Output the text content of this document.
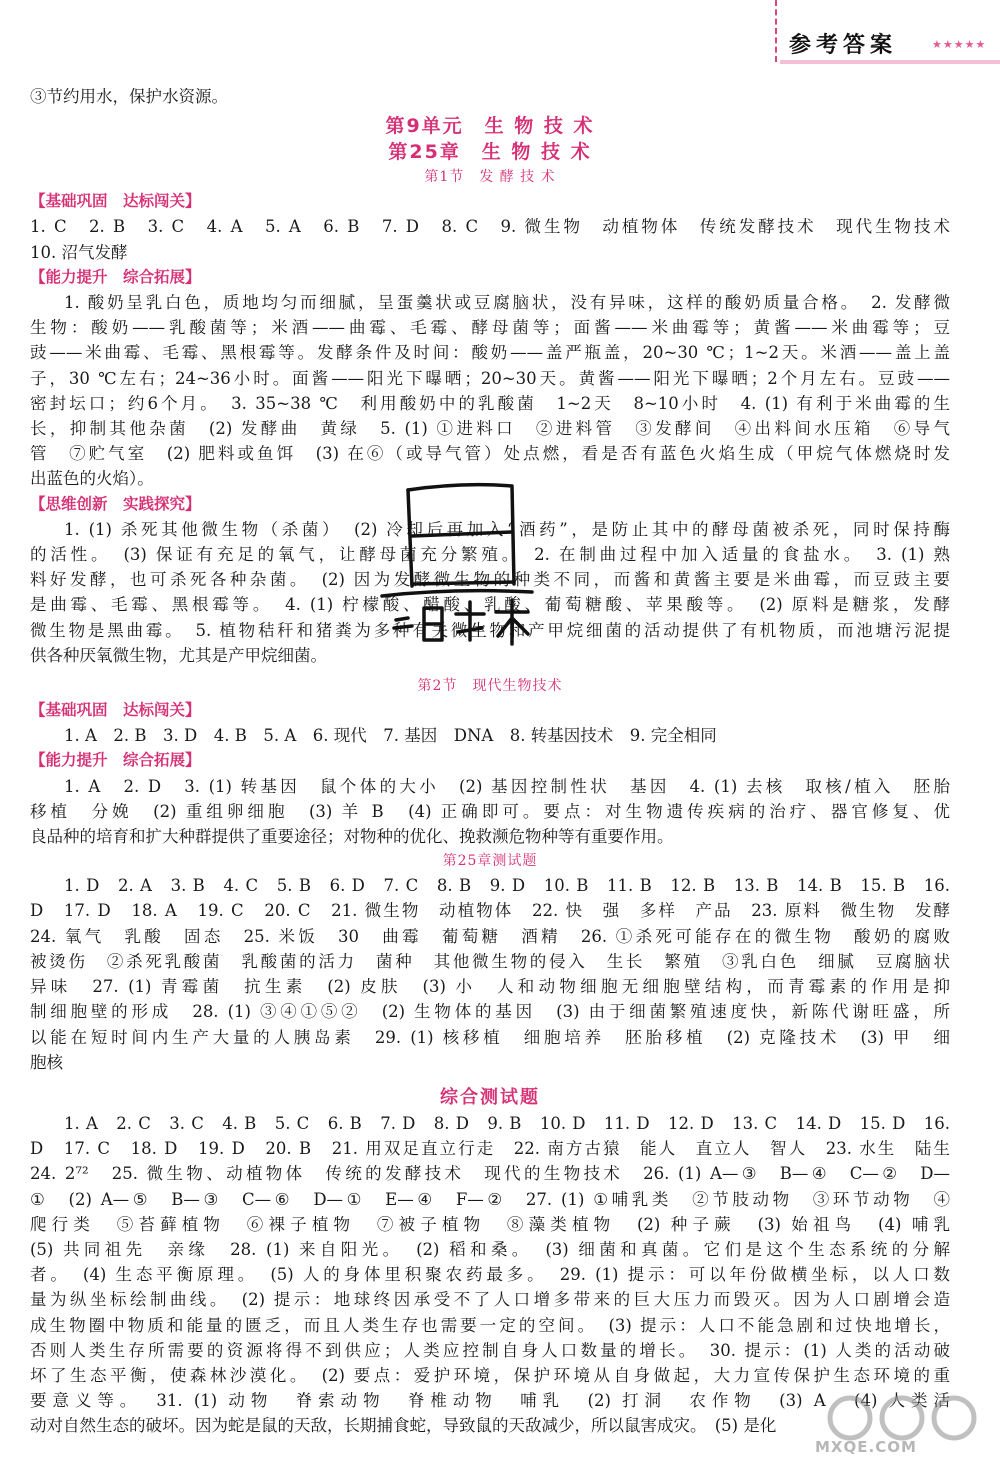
参考答案	★★★★★

③节约用水，保护水资源。

第9单元　生 物 技 术

第25章　生 物 技 术

第1节　发 酵 技 术

【基础巩固　达标闯关】

1. C　2. B　3. C　4. A　5. A　6. B　7. D　8. C　9. 微生物　动植物体　传统发酵技术　现代生物技术

10. 沼气发酵

【能力提升　综合拓展】

1. 酸奶呈乳白色，质地均匀而细腻，呈蛋羹状或豆腐脑状，没有异味，这样的酸奶质量合格。　2. 发酵微

生物：酸奶——乳酸菌等；米酒——曲霉、毛霉、酵母菌等；面酱——米曲霉等；黄酱——米曲霉等；豆

豉——米曲霉、毛霉、黑根霉等。发酵条件及时间：酸奶——盖严瓶盖，20~30 ℃；1~2天。米酒——盖上盖

子，30 ℃左右；24~36小时。面酱——阳光下曝晒；20~30天。黄酱——阳光下曝晒；2个月左右。豆豉——

密封坛口；约6个月。　3. 35~38 ℃　利用酸奶中的乳酸菌　1~2天　8~10小时　4. (1) 有利于米曲霉的生

长，抑制其他杂菌　(2) 发酵曲　黄绿　5. (1) ①进料口　②进料管　③发酵间　④出料间水压箱　⑥导气

管　⑦贮气室　(2) 肥料或鱼饵　(3) 在⑥（或导气管）处点燃，看是否有蓝色火焰生成（甲烷气体燃烧时发

出蓝色的火焰）。

【思维创新　实践探究】

1. (1) 杀死其他微生物（杀菌）　(2) 冷却后再加入“酒药”，是防止其中的酵母菌被杀死，同时保持酶

的活性。　(3) 保证有充足的氧气，让酵母菌充分繁殖。　2. 在制曲过程中加入适量的食盐水。　3. (1) 熟

料好发酵，也可杀死各种杂菌。　(2) 因为发酵微生物的种类不同，而酱和黄酱主要是米曲霉，而豆豉主要

是曲霉、毛霉、黑根霉等。　4. (1) 柠檬酸、醋酸、乳酸、葡萄糖酸、苹果酸等。　(2) 原料是糖浆，发酵

微生物是黑曲霉。　5. 植物秸秆和猪粪为多种有关微生物和产甲烷细菌的活动提供了有机物质，而池塘污泥提

供各种厌氧微生物，尤其是产甲烷细菌。

第2节　现代生物技术

【基础巩固　达标闯关】

1. A　2. B　3. D　4. B　5. A　6. 现代　7. 基因　DNA　8. 转基因技术　9. 完全相同

【能力提升　综合拓展】

1. A　2. D　3. (1) 转基因　鼠个体的大小　(2) 基因控制性状　基因　4. (1) 去核　取核/植入　胚胎

移植　分娩　(2) 重组卵细胞　(3) 羊 B　(4) 正确即可。要点：对生物遗传疾病的治疗、器官修复、优

良品种的培育和扩大种群提供了重要途径；对物种的优化、挽救濒危物种等有重要作用。

第25章测试题

1. D　2. A　3. B　4. C　5. B　6. D　7. C　8. B　9. D　10. B　11. B　12. B　13. B　14. B　15. B　16.

D　17. D　18. A　19. C　20. C　21. 微生物　动植物体　22. 快　强　多样　产品　23. 原料　微生物　发酵

24. 氧气　乳酸　固态　25. 米饭　30　曲霉　葡萄糖　酒精　26. ①杀死可能存在的微生物　酸奶的腐败

被烫伤　②杀死乳酸菌　乳酸菌的活力　菌种　其他微生物的侵入　生长　繁殖　③乳白色　细腻　豆腐脑状

异味　27. (1) 青霉菌　抗生素　(2) 皮肤　(3) 小　人和动物细胞无细胞壁结构，而青霉素的作用是抑

制细胞壁的形成　28. (1) ③④①⑤②　(2) 生物体的基因　(3) 由于细菌繁殖速度快，新陈代谢旺盛，所

以能在短时间内生产大量的人胰岛素　29. (1) 核移植　细胞培养　胚胎移植　(2) 克隆技术　(3) 甲　细

胞核

综合测试题

1. A　2. C　3. C　4. B　5. C　6. B　7. D　8. D　9. B　10. D　11. D　12. D　13. C　14. D　15. D　16.

D　17. C　18. D　19. D　20. B　21. 用双足直立行走　22. 南方古猿　能人　直立人　智人　23. 水生　陆生

24. 2⁷²　25. 微生物、动植物体　传统的发酵技术　现代的生物技术　26. (1) A—③　B—④　C—②　D—

①　(2) A—⑤　B—③　C—⑥　D—①　E—④　F—②　27. (1) ①哺乳类　②节肢动物　③环节动物　④

爬行类　⑤苔藓植物　⑥裸子植物　⑦被子植物　⑧藻类植物　(2) 种子蕨　(3) 始祖鸟　(4) 哺乳

(5) 共同祖先　亲缘　28. (1) 来自阳光。　(2) 稻和桑。　(3) 细菌和真菌。它们是这个生态系统的分解

者。　(4) 生态平衡原理。　(5) 人的身体里积聚农药最多。　29. (1) 提示：可以年份做横坐标，以人口数

量为纵坐标绘制曲线。　(2) 提示：地球终因承受不了人口增多带来的巨大压力而毁灭。因为人口剧增会造

成生物圈中物质和能量的匮乏，而且人类生存也需要一定的空间。　(3) 提示：人口不能急剧和过快地增长，

否则人类生存所需要的资源将得不到供应；人类应控制自身人口数量的增长。　30. 提示：(1) 人类的活动破

坏了生态平衡，使森林沙漠化。　(2) 要点：爱护环境，保护环境从自身做起，大力宣传保护生态环境的重

要意义等。　31. (1) 动物　脊索动物　脊椎动物　哺乳　(2) 打洞　农作物　(3) A　(4) 人类活

动对自然生态的破坏。因为蛇是鼠的天敌，长期捕食蛇，导致鼠的天敌减少，所以鼠害成灾。　(5) 是化

MXQE.COM
